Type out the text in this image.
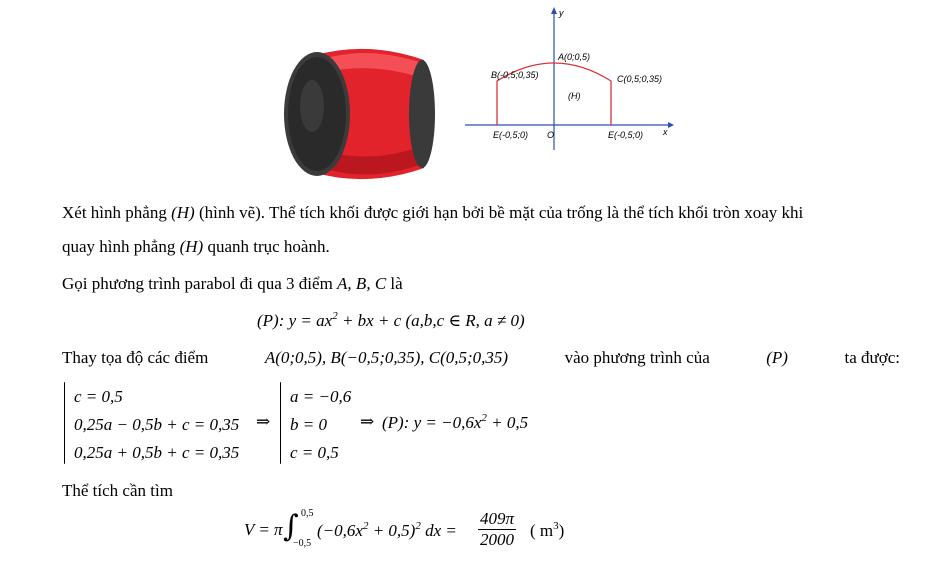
y
x
O
A(0;0,5)
B(-0,5;0,35)	C(0,5;0,35)
E(-0,5;0)	E(-0,5;0)
(H)
Xét hình phẳng (H) (hình vẽ). Thể tích khối được giới hạn bởi bề mặt của trống là thể tích khối tròn xoay khi
quay hình phẳng (H) quanh trục hoành.
Gọi phương trình parabol đi qua 3 điểm A, B, C là
(P): $y = ax^2$ + bx + c (a,b,c ∈ R, a ≠ 0)
Thay tọa độ các điểm	A(0;0,5), B(−0,5;0,35), C(0,5;0,35)	vào phương trình của	(P)	ta được:
c = 0,5
0,25a − 0,5b + c = 0,35
0,25a + 0,5b + c = 0,35
⇒
a = −0,6
b = 0
c = 0,5
⇒ (P): $y = -0,6x^2 + 0,5$
Thể tích cần tìm
V = π ∫ 0,5
−0,5
$(-0,6x^2 + 0,5)^2$ dx = $\frac{409\pi}{2000}$ ( $m^3$)
